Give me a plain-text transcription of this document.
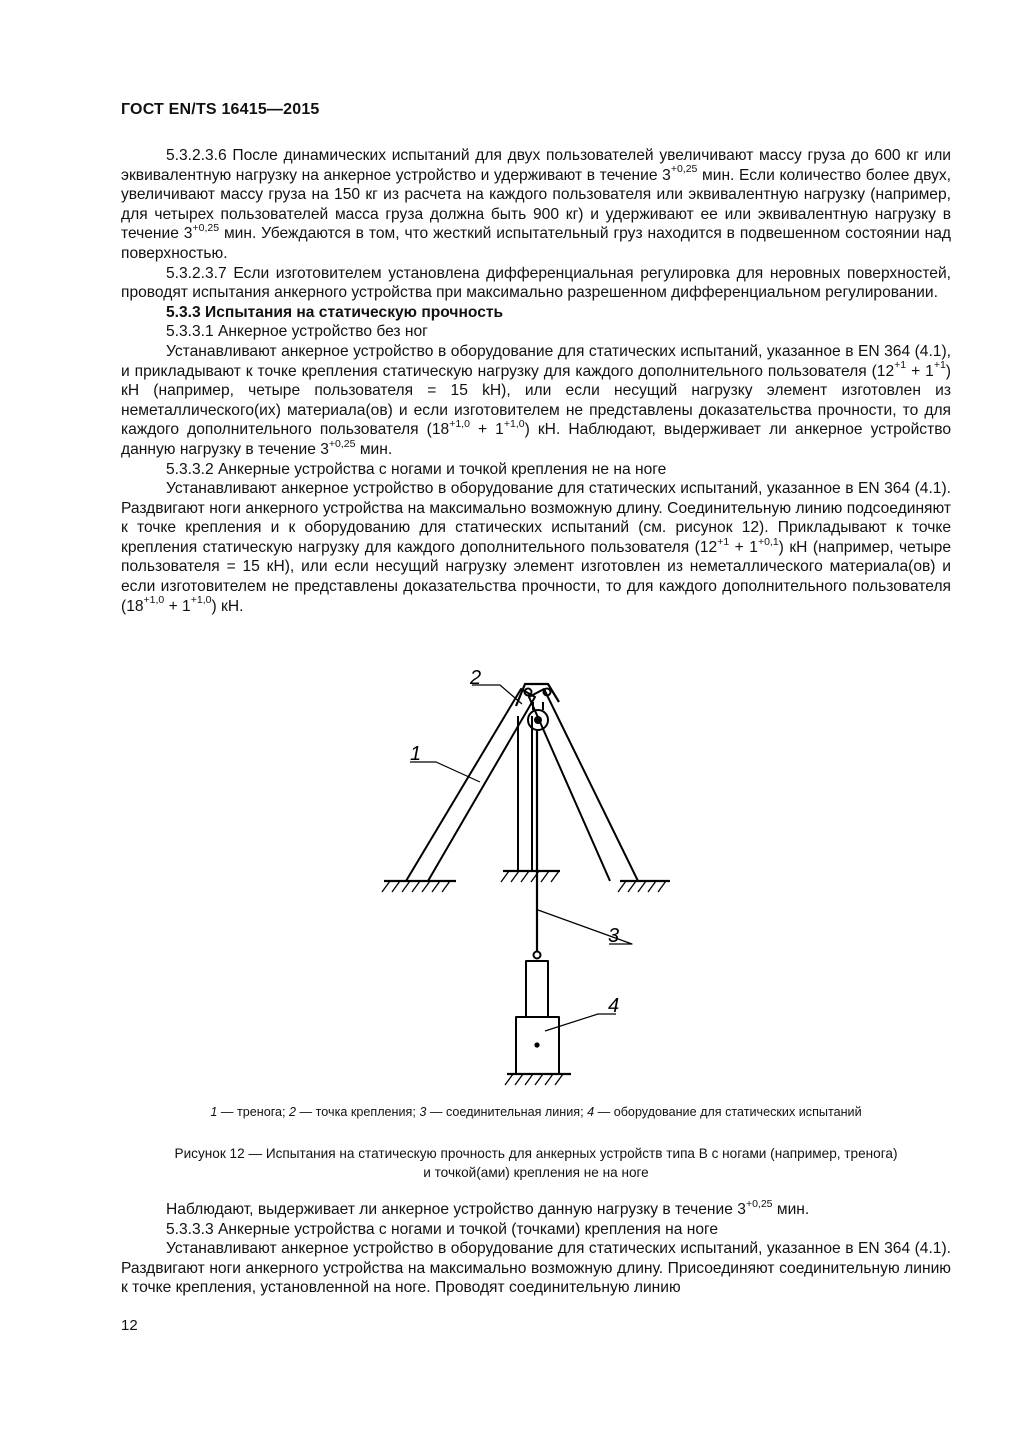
ГОСТ EN/TS 16415—2015

5.3.2.3.6 После динамических испытаний для двух пользователей увеличивают массу груза до 600 кг или эквивалентную нагрузку на анкерное устройство и удерживают в течение $3^{+0,25}$ мин. Если количество более двух, увеличивают массу груза на 150 кг из расчета на каждого пользователя или эквивалентную нагрузку (например, для четырех пользователей масса груза должна быть 900 кг) и удерживают ее или эквивалентную нагрузку в течение $3^{+0,25}$ мин. Убеждаются в том, что жесткий испытательный груз находится в подвешенном состоянии над поверхностью.

5.3.2.3.7 Если изготовителем установлена дифференциальная регулировка для неровных поверхностей, проводят испытания анкерного устройства при максимально разрешенном дифференциальном регулировании.

5.3.3 Испытания на статическую прочность

5.3.3.1 Анкерное устройство без ног

Устанавливают анкерное устройство в оборудование для статических испытаний, указанное в EN 364 (4.1), и прикладывают к точке крепления статическую нагрузку для каждого дополнительного пользователя $(12^{+1} + 1^{+1})$ кН (например, четыре пользователя = 15 kH), или если несущий нагрузку элемент изготовлен из неметаллического(их) материала(ов) и если изготовителем не представлены доказательства прочности, то для каждого дополнительного пользователя $(18^{+1,0} + 1^{+1,0})$ кН. Наблюдают, выдерживает ли анкерное устройство данную нагрузку в течение $3^{+0,25}$ мин.

5.3.3.2 Анкерные устройства с ногами и точкой крепления не на ноге

Устанавливают анкерное устройство в оборудование для статических испытаний, указанное в EN 364 (4.1). Раздвигают ноги анкерного устройства на максимально возможную длину. Соединительную линию подсоединяют к точке крепления и к оборудованию для статических испытаний (см. рисунок 12). Прикладывают к точке крепления статическую нагрузку для каждого дополнительного пользователя $(12^{+1} + 1^{+0,1})$ кН (например, четыре пользователя = 15 кН), или если несущий нагрузку элемент изготовлен из неметаллического материала(ов) и если изготовителем не представлены доказательства прочности, то для каждого дополнительного пользователя $(18^{+1,0} + 1^{+1,0})$ кН.

2
1
3
4
1 — тренога; 2 — точка крепления; 3 — соединительная линия; 4 — оборудование для статических испытаний
Рисунок 12 — Испытания на статическую прочность для анкерных устройств типа В с ногами (например, тренога)
и точкой(ами) крепления не на ноге

Наблюдают, выдерживает ли анкерное устройство данную нагрузку в течение $3^{+0,25}$ мин.

5.3.3.3 Анкерные устройства с ногами и точкой (точками) крепления на ноге

Устанавливают анкерное устройство в оборудование для статических испытаний, указанное в EN 364 (4.1). Раздвигают ноги анкерного устройства на максимально возможную длину. Присоединяют соединительную линию к точке крепления, установленной на ноге. Проводят соединительную линию

12
